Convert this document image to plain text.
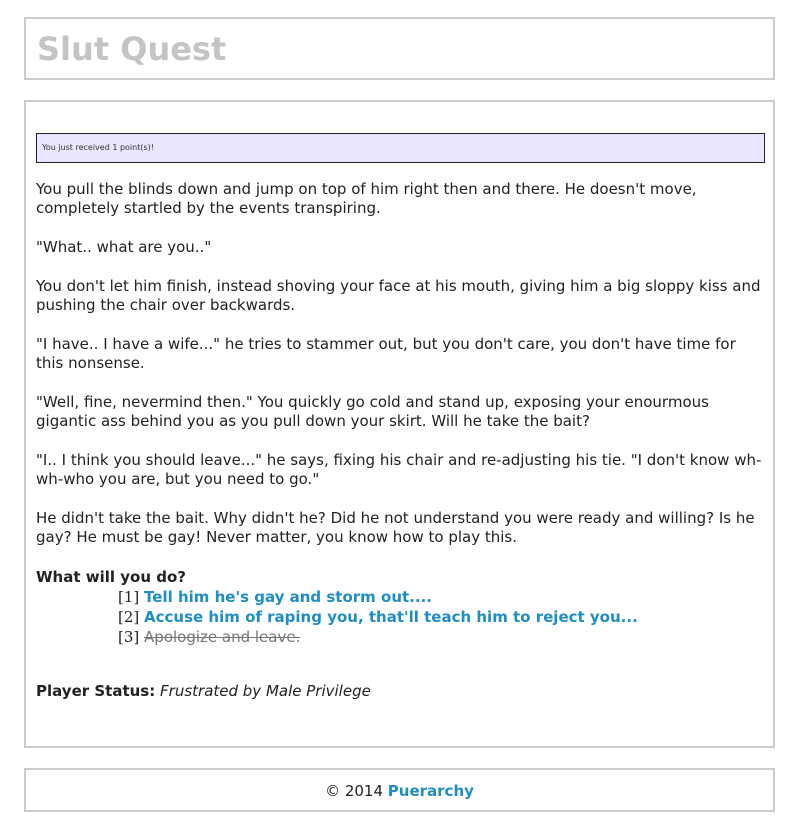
Slut Quest
You just received 1 point(s)!

You pull the blinds down and jump on top of him right then and there. He doesn't move, completely startled by the events transpiring.

"What.. what are you.."

You don't let him finish, instead shoving your face at his mouth, giving him a big sloppy kiss and pushing the chair over backwards.

"I have.. I have a wife..." he tries to stammer out, but you don't care, you don't have time for this nonsense.

"Well, fine, nevermind then." You quickly go cold and stand up, exposing your enourmous gigantic ass behind you as you pull down your skirt. Will he take the bait?

"I.. I think you should leave..." he says, fixing his chair and re-adjusting his tie. "I don't know wh-wh-who you are, but you need to go."

He didn't take the bait. Why didn't he? Did he not understand you were ready and willing? Is he gay? He must be gay! Never matter, you know how to play this.

What will you do?
[1] Tell him he's gay and storm out....
[2] Accuse him of raping you, that'll teach him to reject you...
[3] Apologize and leave.
Player Status: Frustrated by Male Privilege
© 2014 Puerarchy
